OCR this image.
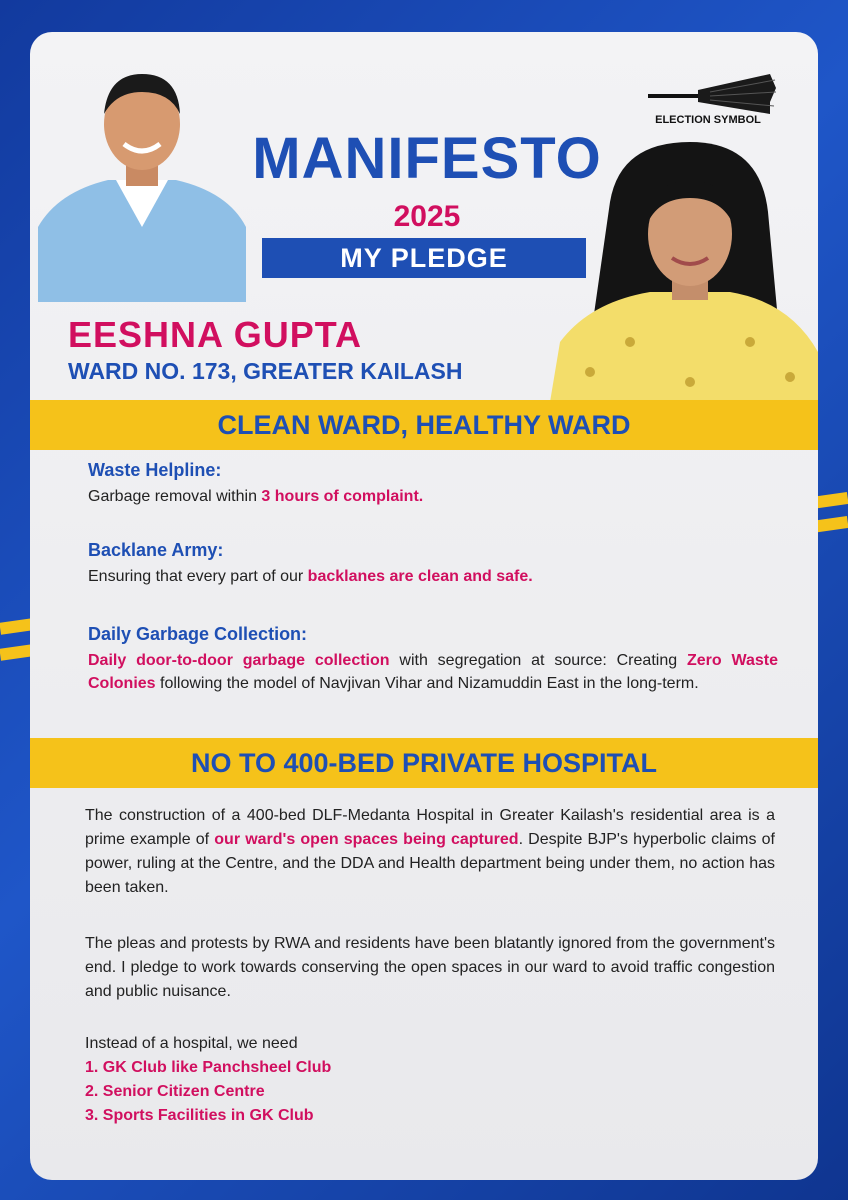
ELECTION SYMBOL
MANIFESTO
2025
MY PLEDGE
EESHNA GUPTA
WARD NO. 173, GREATER KAILASH
CLEAN WARD, HEALTHY WARD
Waste Helpline:
Garbage removal within 3 hours of complaint.
Backlane Army:
Ensuring that every part of our backlanes are clean and safe.
Daily Garbage Collection:
Daily door-to-door garbage collection with segregation at source: Creating Zero Waste Colonies following the model of Navjivan Vihar and Nizamuddin East in the long-term.
NO TO 400-BED PRIVATE HOSPITAL
The construction of a 400-bed DLF-Medanta Hospital in Greater Kailash's residential area is a prime example of our ward's open spaces being captured. Despite BJP's hyperbolic claims of power, ruling at the Centre, and the DDA and Health department being under them, no action has been taken.
The pleas and protests by RWA and residents have been blatantly ignored from the government's end. I pledge to work towards conserving the open spaces in our ward to avoid traffic congestion and public nuisance.
Instead of a hospital, we need
1. GK Club like Panchsheel Club
2. Senior Citizen Centre
3. Sports Facilities in GK Club
